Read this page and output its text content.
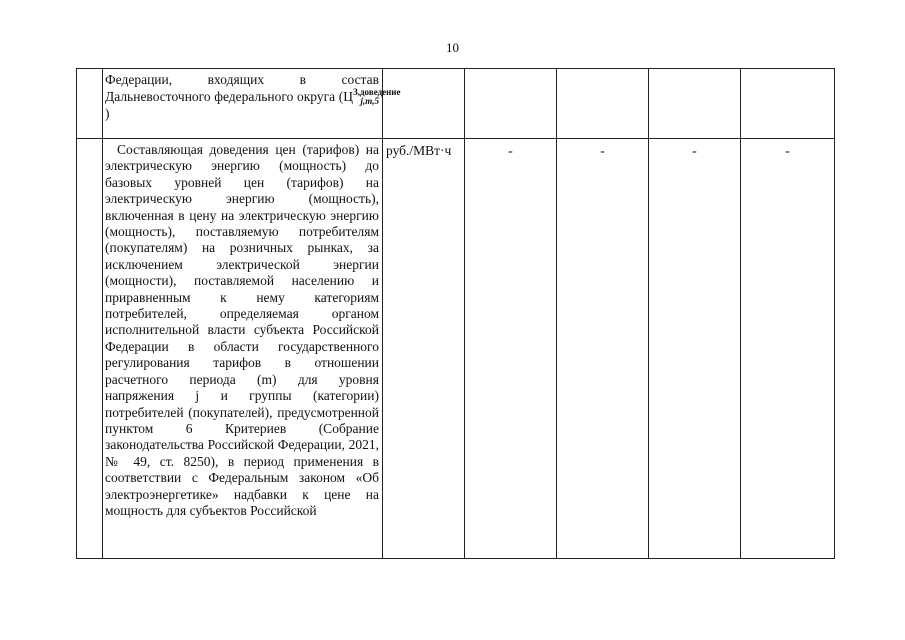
10

	Федерации, входящих в состав Дальневосточного федерального округа $(Ц^{З,доведение}_{j,m,5})$					

	Составляющая доведения цен (тарифов) на электрическую энергию (мощность) до базовых уровней цен (тарифов) на электрическую энергию (мощность), включенная в цену на электрическую энергию (мощность), поставляемую потребителям (покупателям) на розничных рынках, за исключением электрической энергии (мощности), поставляемой населению и приравненным к нему категориям потребителей, определяемая органом исполнительной власти субъекта Российской Федерации в области государственного регулирования тарифов в отношении расчетного периода (m) для уровня напряжения j и группы (категории) потребителей (покупателей), предусмотренной пунктом 6 Критериев (Собрание законодательства Российской Федерации, 2021, № 49, ст. 8250), в период применения в соответствии с Федеральным законом «Об электроэнергетике» надбавки к цене на мощность для субъектов Российской	руб./МВт·ч	-	-	-	-
